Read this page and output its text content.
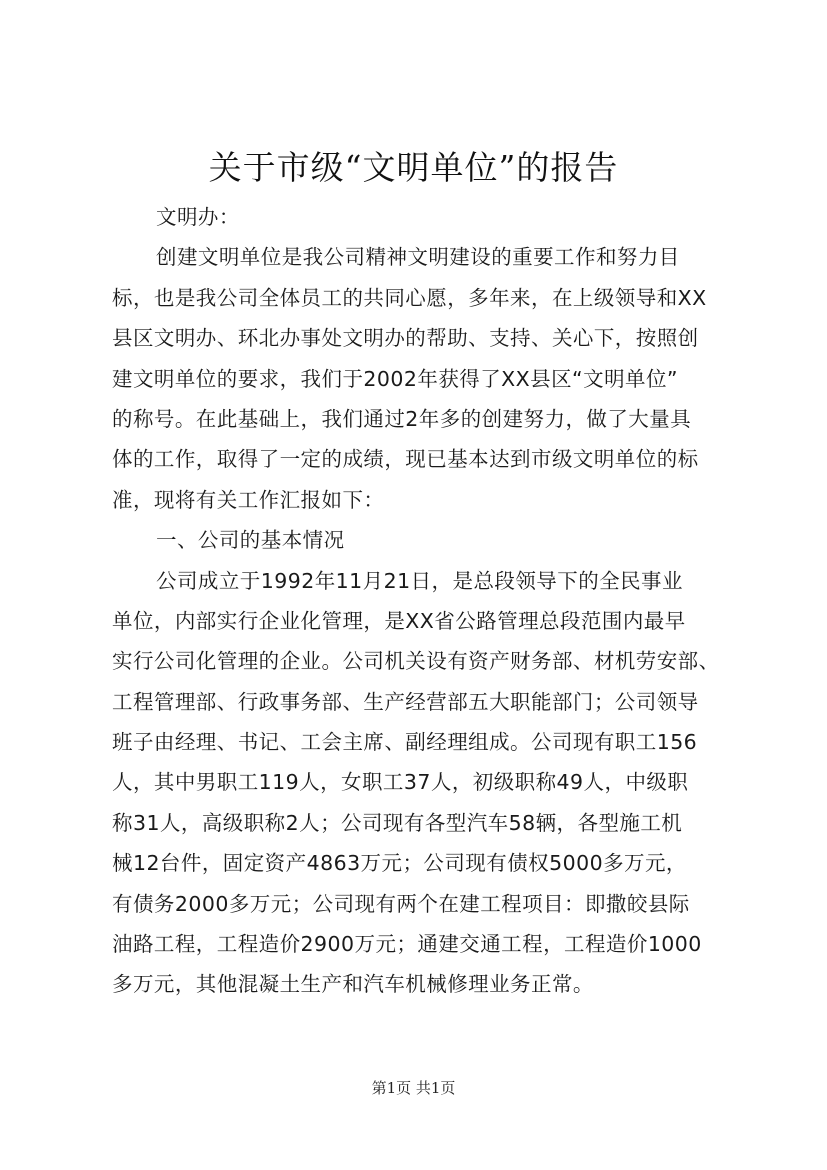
关于市级“文明单位”的报告
文明办：
创建文明单位是我公司精神文明建设的重要工作和努力目
标，也是我公司全体员工的共同心愿，多年来，在上级领导和XX
县区文明办、环北办事处文明办的帮助、支持、关心下，按照创
建文明单位的要求，我们于2002年获得了XX县区“文明单位”
的称号。在此基础上，我们通过2年多的创建努力，做了大量具
体的工作，取得了一定的成绩，现已基本达到市级文明单位的标
准，现将有关工作汇报如下：
一、公司的基本情况
公司成立于1992年11月21日，是总段领导下的全民事业
单位，内部实行企业化管理，是XX省公路管理总段范围内最早
实行公司化管理的企业。公司机关设有资产财务部、材机劳安部、
工程管理部、行政事务部、生产经营部五大职能部门；公司领导
班子由经理、书记、工会主席、副经理组成。公司现有职工156
人，其中男职工119人，女职工37人，初级职称49人，中级职
称31人，高级职称2人；公司现有各型汽车58辆，各型施工机
械12台件，固定资产4863万元；公司现有债权5000多万元，
有债务2000多万元；公司现有两个在建工程项目：即撒皎县际
油路工程，工程造价2900万元；通建交通工程，工程造价1000
多万元，其他混凝土生产和汽车机械修理业务正常。
第1页 共1页
